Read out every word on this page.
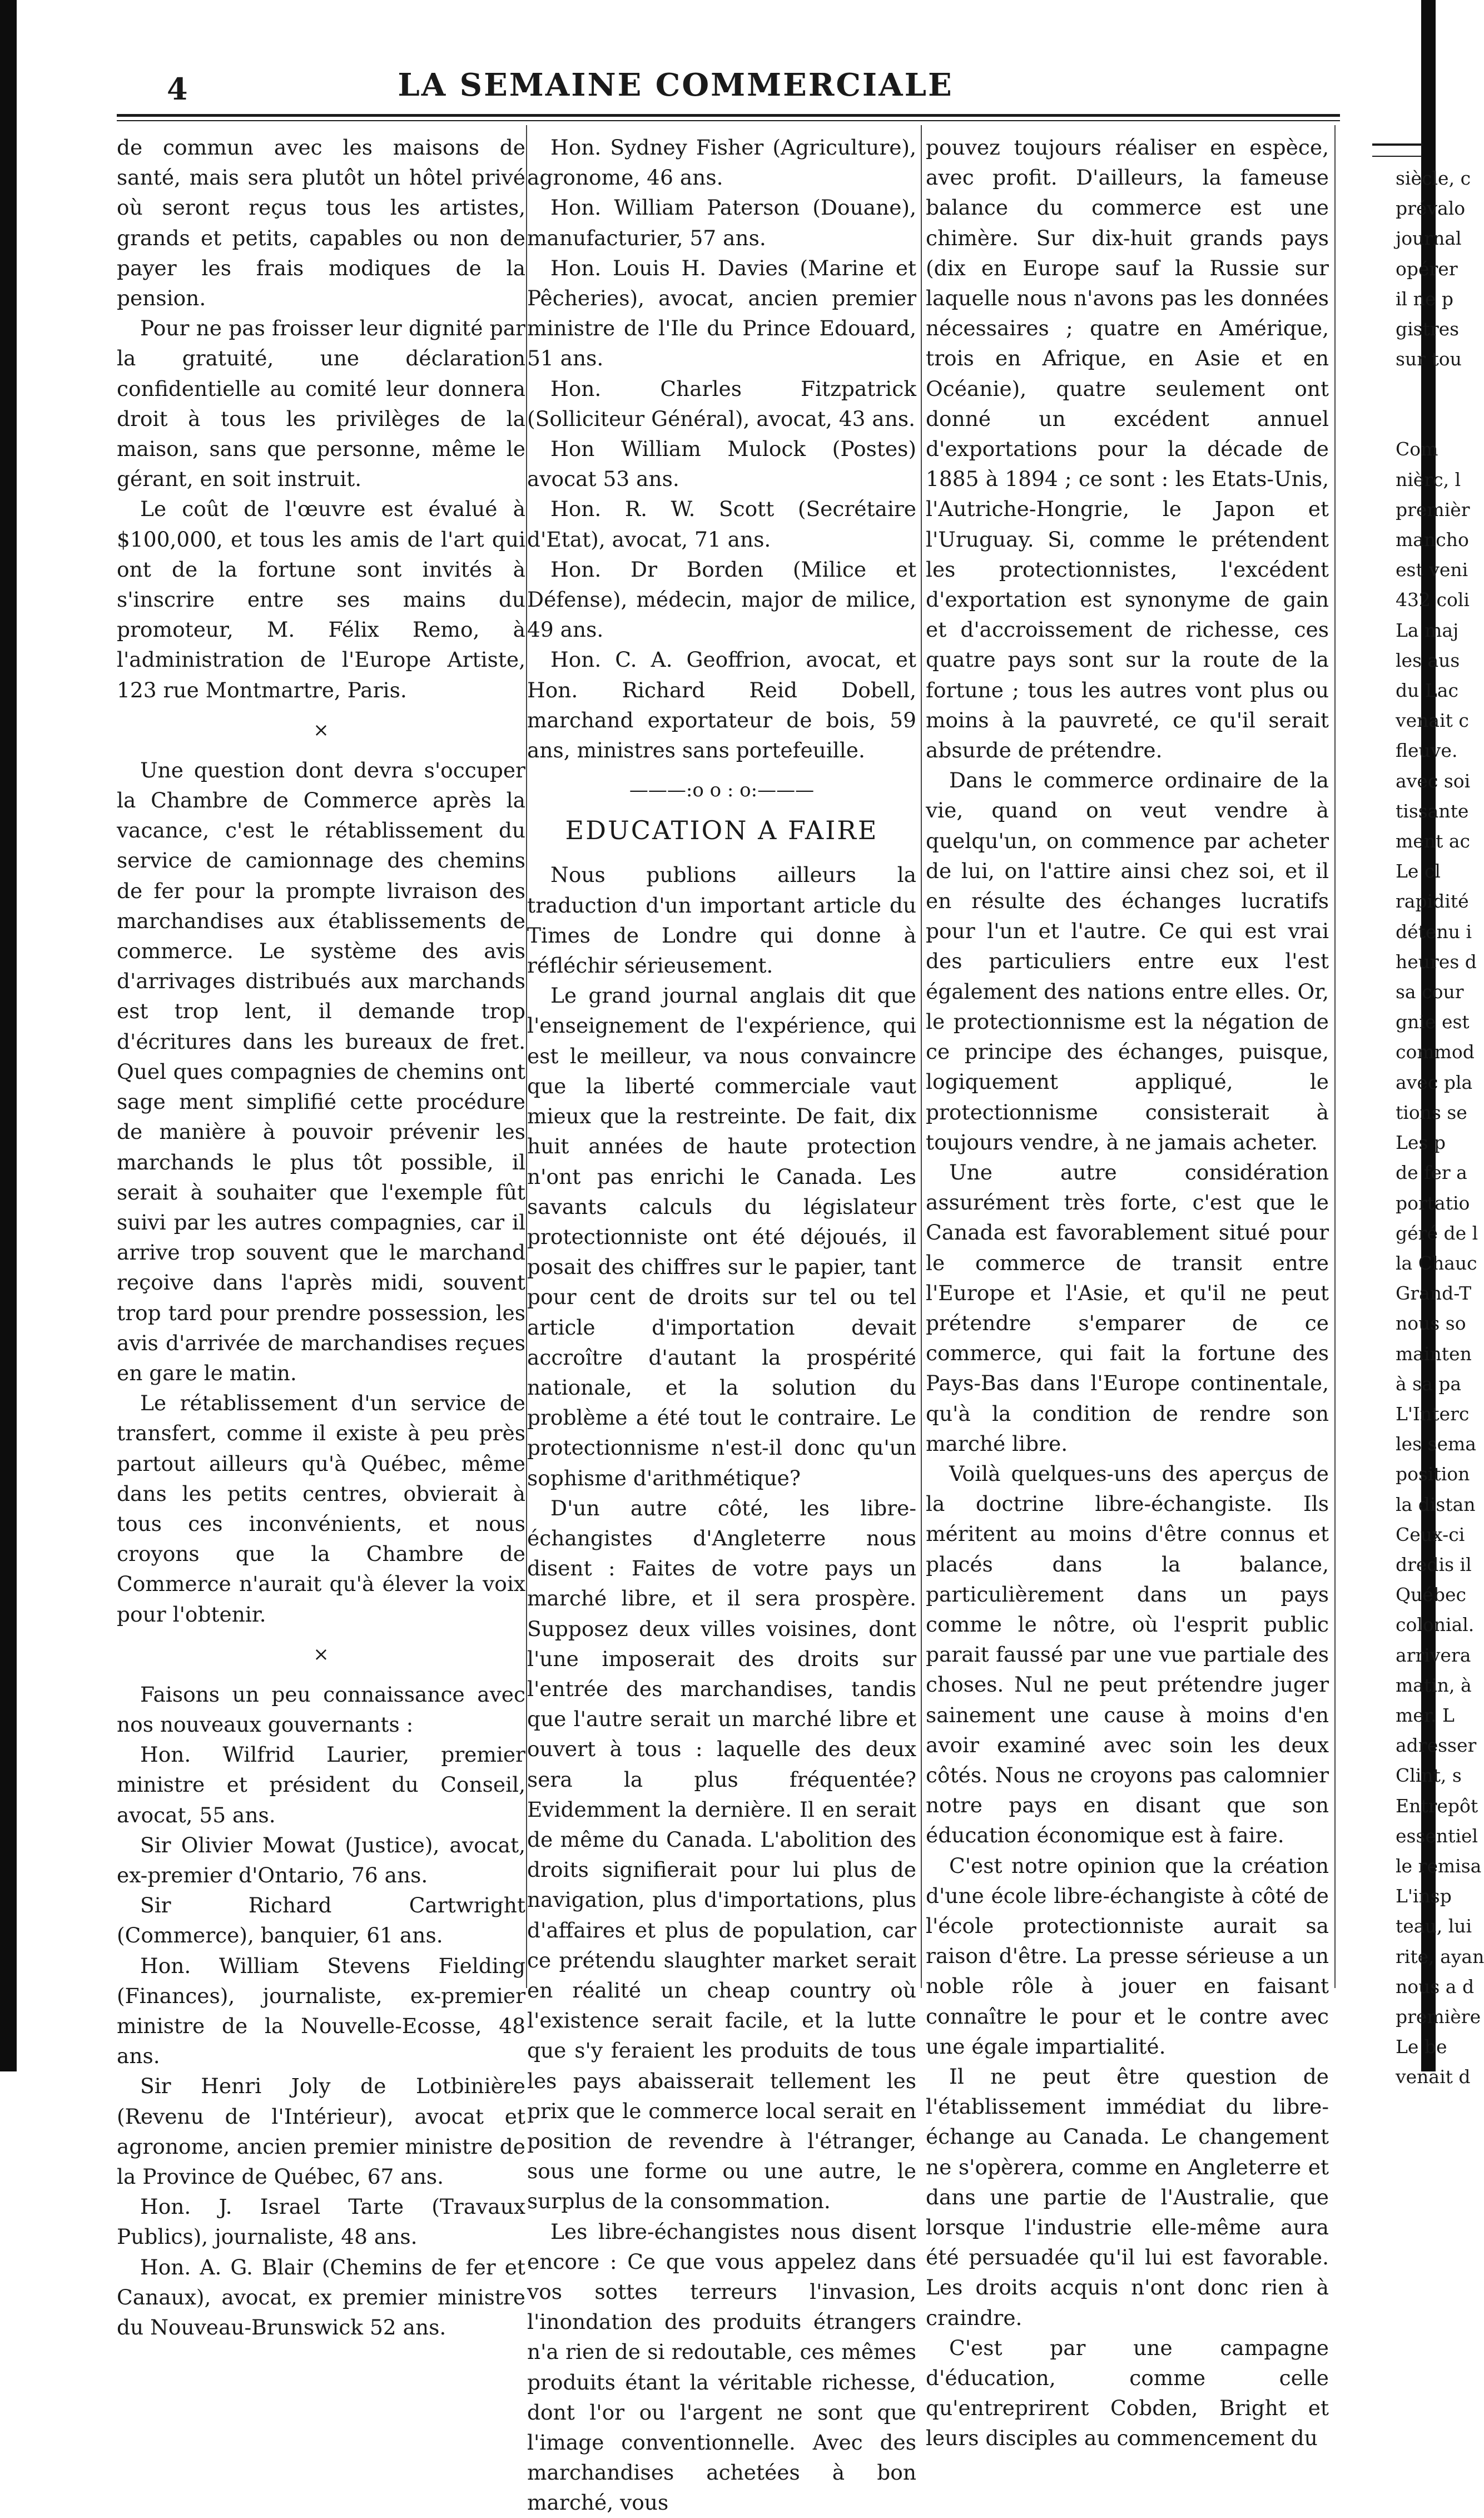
4	LA SEMAINE COMMERCIALE

de commun avec les maisons de santé, mais sera plutôt un hôtel privé où seront reçus tous les artistes, grands et petits, capables ou non de payer les frais modiques de la pension.

Pour ne pas froisser leur dignité par la gratuité, une déclaration confidentielle au comité leur donnera droit à tous les privilèges de la maison, sans que personne, même le gérant, en soit instruit.

Le coût de l'œuvre est évalué à $100,000, et tous les amis de l'art qui ont de la fortune sont invités à s'inscrire entre ses mains du promoteur, M. Félix Remo, à l'administration de l'Europe Artiste, 123 rue Montmartre, Paris.

×

Une question dont devra s'occuper la Chambre de Commerce après la vacance, c'est le rétablissement du service de camionnage des chemins de fer pour la prompte livraison des marchandises aux établissements de commerce. Le système des avis d'arrivages distribués aux marchands est trop lent, il demande trop d'écritures dans les bureaux de fret. Quel ques compagnies de chemins ont sage ment simplifié cette procédure de manière à pouvoir prévenir les marchands le plus tôt possible, il serait à souhaiter que l'exemple fût suivi par les autres compagnies, car il arrive trop souvent que le marchand reçoive dans l'après midi, souvent trop tard pour prendre possession, les avis d'arrivée de marchandises reçues en gare le matin.

Le rétablissement d'un service de transfert, comme il existe à peu près partout ailleurs qu'à Québec, même dans les petits centres, obvierait à tous ces inconvénients, et nous croyons que la Chambre de Commerce n'aurait qu'à élever la voix pour l'obtenir.

×

Faisons un peu connaissance avec nos nouveaux gouvernants :

Hon. Wilfrid Laurier, premier ministre et président du Conseil, avocat, 55 ans.

Sir Olivier Mowat (Justice), avocat, ex-premier d'Ontario, 76 ans.

Sir Richard Cartwright (Commerce), banquier, 61 ans.

Hon. William Stevens Fielding (Finances), journaliste, ex-premier ministre de la Nouvelle-Ecosse, 48 ans.

Sir Henri Joly de Lotbinière (Revenu de l'Intérieur), avocat et agronome, ancien premier ministre de la Province de Québec, 67 ans.

Hon. J. Israel Tarte (Travaux Publics), journaliste, 48 ans.

Hon. A. G. Blair (Chemins de fer et Canaux), avocat, ex premier ministre du Nouveau-Brunswick 52 ans.

Hon. Sydney Fisher (Agriculture), agronome, 46 ans.

Hon. William Paterson (Douane), manufacturier, 57 ans.

Hon. Louis H. Davies (Marine et Pêcheries), avocat, ancien premier ministre de l'Ile du Prince Edouard, 51 ans.

Hon. Charles Fitzpatrick (Solliciteur Général), avocat, 43 ans.

Hon William Mulock (Postes) avocat 53 ans.

Hon. R. W. Scott (Secrétaire d'Etat), avocat, 71 ans.

Hon. Dr Borden (Milice et Défense), médecin, major de milice, 49 ans.

Hon. C. A. Geoffrion, avocat, et Hon. Richard Reid Dobell, marchand exportateur de bois, 59 ans, ministres sans portefeuille.

———:o o : o:———
EDUCATION A FAIRE

Nous publions ailleurs la traduction d'un important article du Times de Londre qui donne à réfléchir sérieusement.

Le grand journal anglais dit que l'enseignement de l'expérience, qui est le meilleur, va nous convaincre que la liberté commerciale vaut mieux que la restreinte. De fait, dix huit années de haute protection n'ont pas enrichi le Canada. Les savants calculs du législateur protectionniste ont été déjoués, il posait des chiffres sur le papier, tant pour cent de droits sur tel ou tel article d'importation devait accroître d'autant la prospérité nationale, et la solution du problème a été tout le contraire. Le protectionnisme n'est-il donc qu'un sophisme d'arithmétique?

D'un autre côté, les libre-échangistes d'Angleterre nous disent : Faites de votre pays un marché libre, et il sera prospère. Supposez deux villes voisines, dont l'une imposerait des droits sur l'entrée des marchandises, tandis que l'autre serait un marché libre et ouvert à tous : laquelle des deux sera la plus fréquentée? Evidemment la dernière. Il en serait de même du Canada. L'abolition des droits signifierait pour lui plus de navigation, plus d'importations, plus d'affaires et plus de population, car ce prétendu slaughter market serait en réalité un cheap country où l'existence serait facile, et la lutte que s'y feraient les produits de tous les pays abaisserait tellement les prix que le commerce local serait en position de revendre à l'étranger, sous une forme ou une autre, le surplus de la consommation.

Les libre-échangistes nous disent encore : Ce que vous appelez dans vos sottes terreurs l'invasion, l'inondation des produits étrangers n'a rien de si redoutable, ces mêmes produits étant la véritable richesse, dont l'or ou l'argent ne sont que l'image conventionnelle. Avec des marchandises achetées à bon marché, vous

pouvez toujours réaliser en espèce, avec profit. D'ailleurs, la fameuse balance du commerce est une chimère. Sur dix-huit grands pays (dix en Europe sauf la Russie sur laquelle nous n'avons pas les données nécessaires ; quatre en Amérique, trois en Afrique, en Asie et en Océanie), quatre seulement ont donné un excédent annuel d'exportations pour la décade de 1885 à 1894 ; ce sont : les Etats-Unis, l'Autriche-Hongrie, le Japon et l'Uruguay. Si, comme le prétendent les protectionnistes, l'excédent d'exportation est synonyme de gain et d'accroissement de richesse, ces quatre pays sont sur la route de la fortune ; tous les autres vont plus ou moins à la pauvreté, ce qu'il serait absurde de prétendre.

Dans le commerce ordinaire de la vie, quand on veut vendre à quelqu'un, on commence par acheter de lui, on l'attire ainsi chez soi, et il en résulte des échanges lucratifs pour l'un et l'autre. Ce qui est vrai des particuliers entre eux l'est également des nations entre elles. Or, le protectionnisme est la négation de ce principe des échanges, puisque, logiquement appliqué, le protectionnisme consisterait à toujours vendre, à ne jamais acheter.

Une autre considération assurément très forte, c'est que le Canada est favorablement situé pour le commerce de transit entre l'Europe et l'Asie, et qu'il ne peut prétendre s'emparer de ce commerce, qui fait la fortune des Pays-Bas dans l'Europe continentale, qu'à la condition de rendre son marché libre.

Voilà quelques-uns des aperçus de la doctrine libre-échangiste. Ils méritent au moins d'être connus et placés dans la balance, particulièrement dans un pays comme le nôtre, où l'esprit public parait faussé par une vue partiale des choses. Nul ne peut prétendre juger sainement une cause à moins d'en avoir examiné avec soin les deux côtés. Nous ne croyons pas calomnier notre pays en disant que son éducation économique est à faire.

C'est notre opinion que la création d'une école libre-échangiste à côté de l'école protectionniste aurait sa raison d'être. La presse sérieuse a un noble rôle à jouer en faisant connaître le pour et le contre avec une égale impartialité.

Il ne peut être question de l'établissement immédiat du libre-échange au Canada. Le changement ne s'opèrera, comme en Angleterre et dans une partie de l'Australie, que lorsque l'industrie elle-même aura été persuadée qu'il lui est favorable. Les droits acquis n'ont donc rien à craindre.

C'est par une campagne d'éducation, comme celle qu'entreprirent Cobden, Bright et leurs disciples au commencement du

siècle, c

prévalo

journal

opérer

il ne p

gistres

sur tou

Com

nièrc, l

premièr

mancho

est veni

432 coli

La maj

les aus

du Lac

venait c

fleuve.

avec soi

tissante

ment ac

Le cl

rapidité

détenu i

heures d

sa cour

gnie est

commod

avec pla

tions se

Les p

de fer a

portatio

géré de l

la Chauc

Grand-T

nous so

mainten

à sa pa

L'Interc

les sema

position

la distan

Ceux-ci

dredis il

Québec

colonial.

arrivera

matin, à

mer. L

adresser

Clint, s

Entrepôt

essentiel

le remisa

L'insp

teau, lui

rite, ayan

nous a d

première

Le be

venait d
